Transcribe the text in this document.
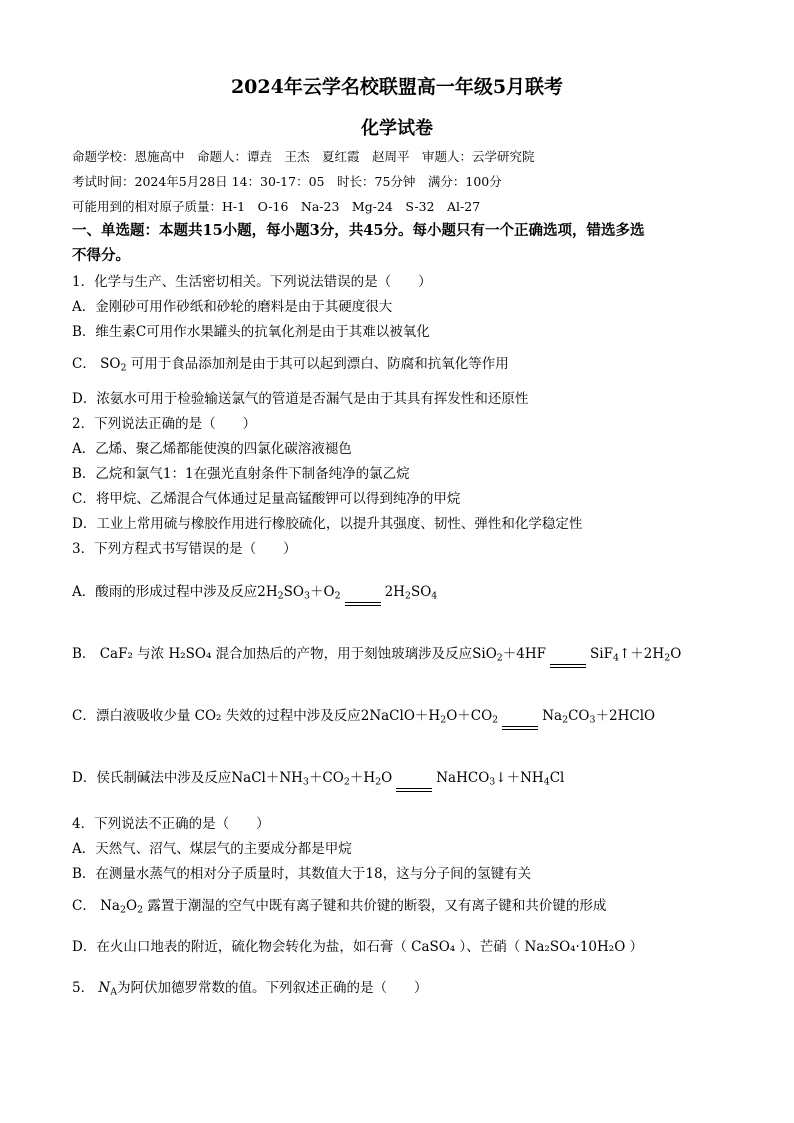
2024年云学名校联盟高一年级5月联考
化学试卷
命题学校：恩施高中　命题人：谭垚　王杰　夏红霞　赵周平　审题人：云学研究院
考试时间：2024年5月28日 14：30-17：05　时长：75分钟　满分：100分
可能用到的相对原子质量：H-1　O-16　Na-23　Mg-24　S-32　Al-27
一、单选题：本题共15小题，每小题3分，共45分。每小题只有一个正确选项，错选多选
不得分。
1．化学与生产、生活密切相关。下列说法错误的是（　　）
A．金刚砂可用作砂纸和砂轮的磨料是由于其硬度很大
B．维生素C可用作水果罐头的抗氧化剂是由于其难以被氧化
C． $SO_2$ 可用于食品添加剂是由于其可以起到漂白、防腐和抗氧化等作用
D．浓氨水可用于检验输送氯气的管道是否漏气是由于其具有挥发性和还原性
2．下列说法正确的是（　　）
A．乙烯、聚乙烯都能使溴的四氯化碳溶液褪色
B．乙烷和氯气1：1在强光直射条件下制备纯净的氯乙烷
C．将甲烷、乙烯混合气体通过足量高锰酸钾可以得到纯净的甲烷
D．工业上常用硫与橡胶作用进行橡胶硫化，以提升其强度、韧性、弹性和化学稳定性
3．下列方程式书写错误的是（　　）
A．酸雨的形成过程中涉及反应$2H_2SO_3+O_2$	$2H_2SO_4$
B． CaF₂ 与浓 H₂SO₄ 混合加热后的产物，用于刻蚀玻璃涉及反应SiO$_2$＋4HF	$SiF_4↑+2H_2O$
C．漂白液吸收少量 CO₂ 失效的过程中涉及反应$2NaClO+H_2O+CO_2$	$Na_2CO_3+2HClO$
D．侯氏制碱法中涉及反应$NaCl+NH_3+CO_2+H_2O$	$NaHCO_3↓+NH_4Cl$
4．下列说法不正确的是（　　）
A．天然气、沼气、煤层气的主要成分都是甲烷
B．在测量水蒸气的相对分子质量时，其数值大于18，这与分子间的氢键有关
C． $Na_2O_2$ 露置于潮湿的空气中既有离子键和共价键的断裂，又有离子键和共价键的形成
D．在火山口地表的附近，硫化物会转化为盐，如石膏（ CaSO₄ ）、芒硝（ Na₂SO₄·10H₂O ）
5． $N_A$为阿伏加德罗常数的值。下列叙述正确的是（　　）
